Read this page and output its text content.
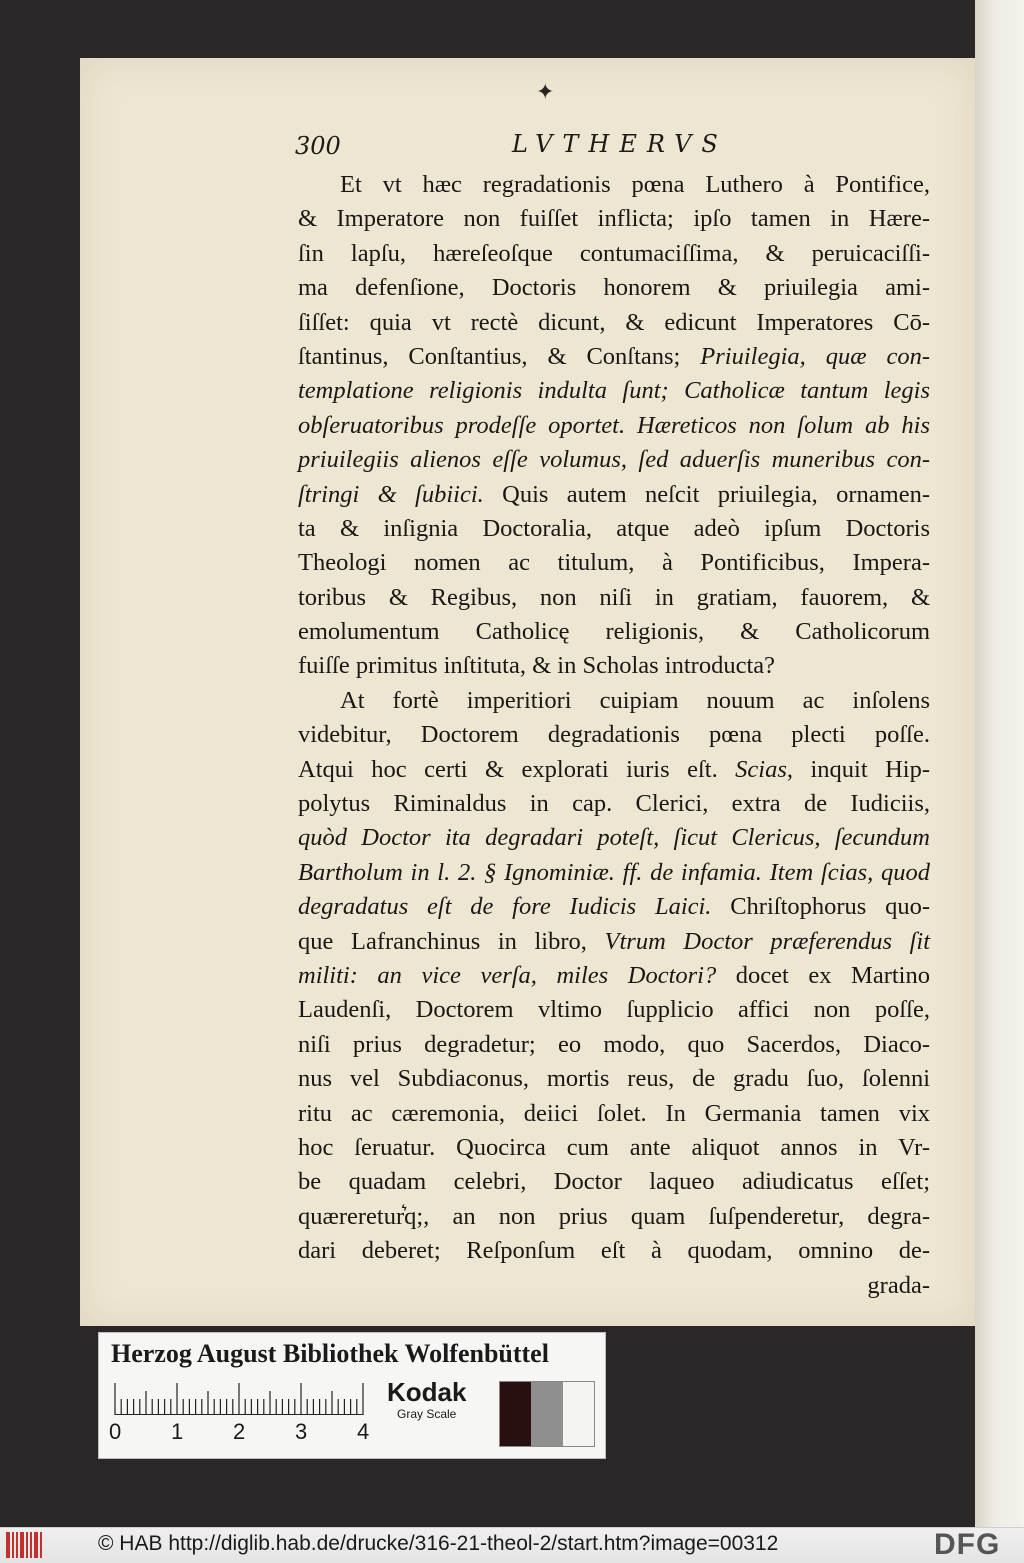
✦
300	LVTHERVS
Et vt hæc regradationis pœna Luthero à Pontifice,
& Imperatore non fuiſſet inflicta; ipſo tamen in Hære-
ſin lapſu, hæreſeoſque contumaciſſima, & peruicaciſſi-
ma defenſione, Doctoris honorem & priuilegia ami-
ſiſſet: quia vt rectè dicunt, & edicunt Imperatores Cō-
ſtantinus, Conſtantius, & Conſtans; Priuilegia, quæ con-
templatione religionis indulta ſunt; Catholicæ tantum legis
obſeruatoribus prodeſſe oportet. Hæreticos non ſolum ab his
priuilegiis alienos eſſe volumus, ſed aduerſis muneribus con-
ſtringi & ſubiici. Quis autem neſcit priuilegia, ornamen-
ta & inſignia Doctoralia, atque adeò ipſum Doctoris
Theologi nomen ac titulum, à Pontificibus, Impera-
toribus & Regibus, non niſi in gratiam, fauorem, &
emolumentum Catholicę religionis, & Catholicorum
fuiſſe primitus inſtituta, & in Scholas introducta?
At fortè imperitiori cuipiam nouum ac inſolens
videbitur, Doctorem degradationis pœna plecti poſſe.
Atqui hoc certi & explorati iuris eſt. Scias, inquit Hip-
polytus Riminaldus in cap. Clerici, extra de Iudiciis,
quòd Doctor ita degradari poteſt, ſicut Clericus, ſecundum
Bartholum in l. 2. § Ignominiæ. ff. de infamia. Item ſcias, quod
degradatus eſt de fore Iudicis Laici. Chriſtophorus quo-
que Lafranchinus in libro, Vtrum Doctor præferendus ſit
militi: an vice verſa, miles Doctori? docet ex Martino
Laudenſi, Doctorem vltimo ſupplicio affici non poſſe,
niſi prius degradetur; eo modo, quo Sacerdos, Diaco-
nus vel Subdiaconus, mortis reus, de gradu ſuo, ſolenni
ritu ac cæremonia, deiici ſolet. In Germania tamen vix
hoc ſeruatur. Quocirca cum ante aliquot annos in Vr-
be quadam celebri, Doctor laqueo adiudicatus eſſet;
quæreretur͛q;, an non prius quam ſuſpenderetur, degra-
dari deberet; Reſponſum eſt à quodam, omnino de-
grada-
Herzog August Bibliothek Wolfenbüttel
0 1 2 3 4
Kodak
Gray Scale
© HAB http://diglib.hab.de/drucke/316-21-theol-2/start.htm?image=00312	DFG
